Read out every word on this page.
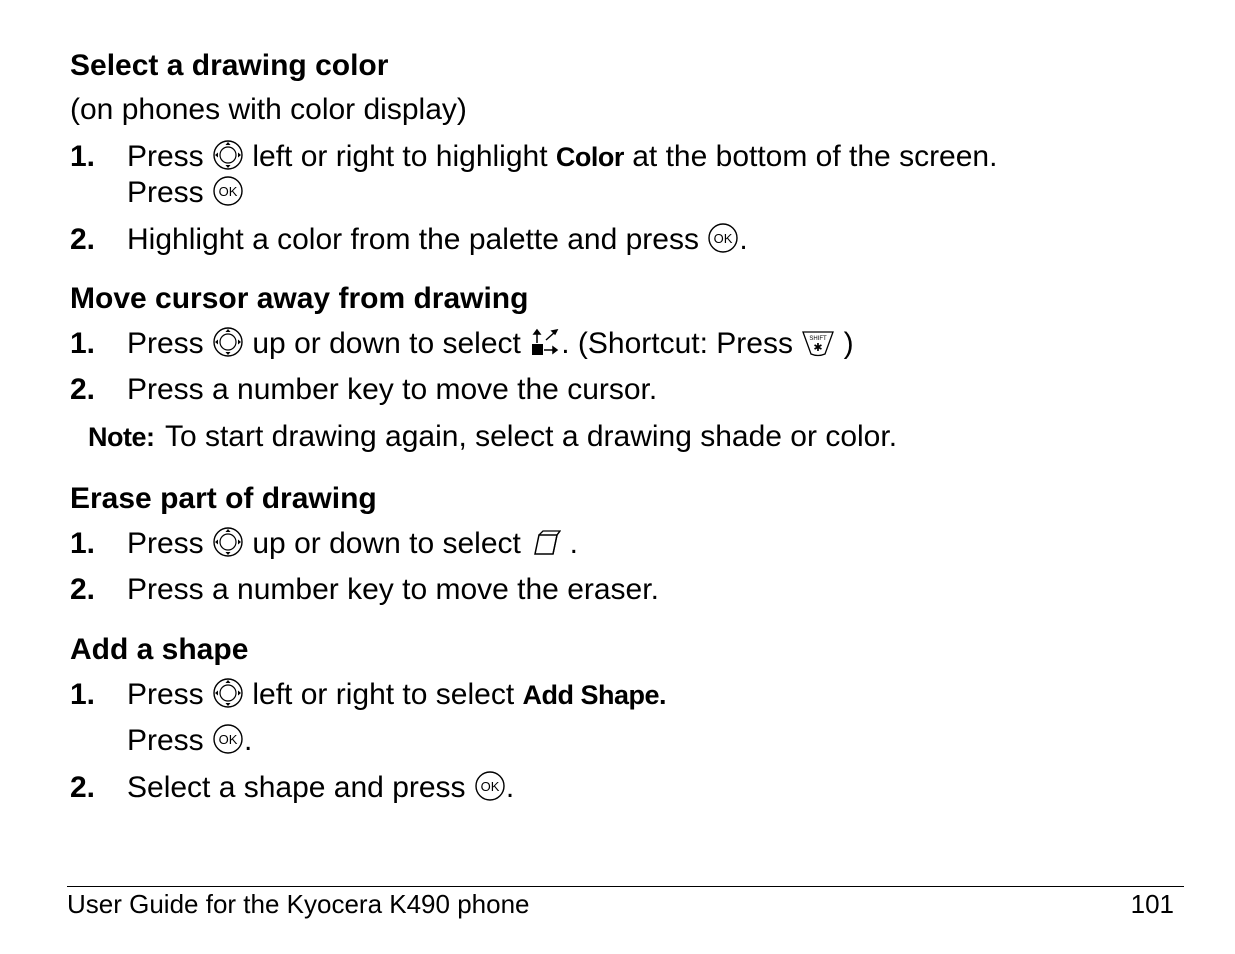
Select a drawing color
(on phones with color display)
1. Press left or right to highlight Color at the bottom of the screen.
Press
2. Highlight a color from the palette and press .
Move cursor away from drawing
1. Press up or down to select . (Shortcut: Press	SHIFT
✱ )
2. Press a number key to move the cursor.
Note: To start drawing again, select a drawing shade or color.
Erase part of drawing
1. Press up or down to select .
2. Press a number key to move the eraser.
Add a shape
1. Press left or right to select Add Shape.
Press .
2. Select a shape and press .
User Guide for the Kyocera K490 phone	101
